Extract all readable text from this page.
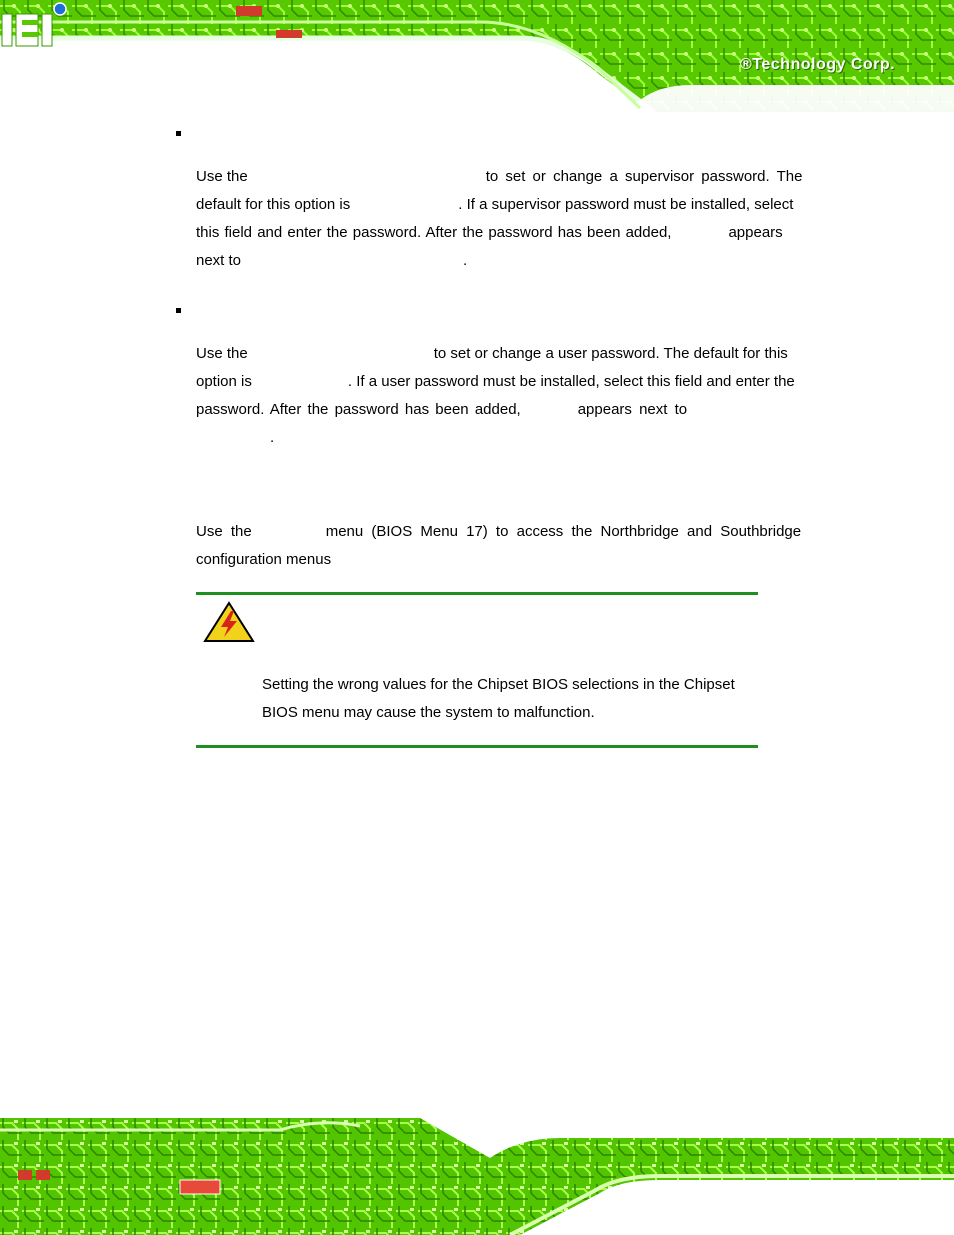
®Technology Corp.
Use the	to set or change a supervisor password. The
default for this option is	. If a supervisor password must be installed, select
this field and enter the password. After the password has been added,	appears
next to	.
Use the	to set or change a user password. The default for this
option is	. If a user password must be installed, select this field and enter the
password. After the password has been added,	appears next to
.
Use the	menu (BIOS Menu 17) to access the Northbridge and Southbridge
configuration menus
Setting the wrong values for the Chipset BIOS selections in the Chipset
BIOS menu may cause the system to malfunction.
